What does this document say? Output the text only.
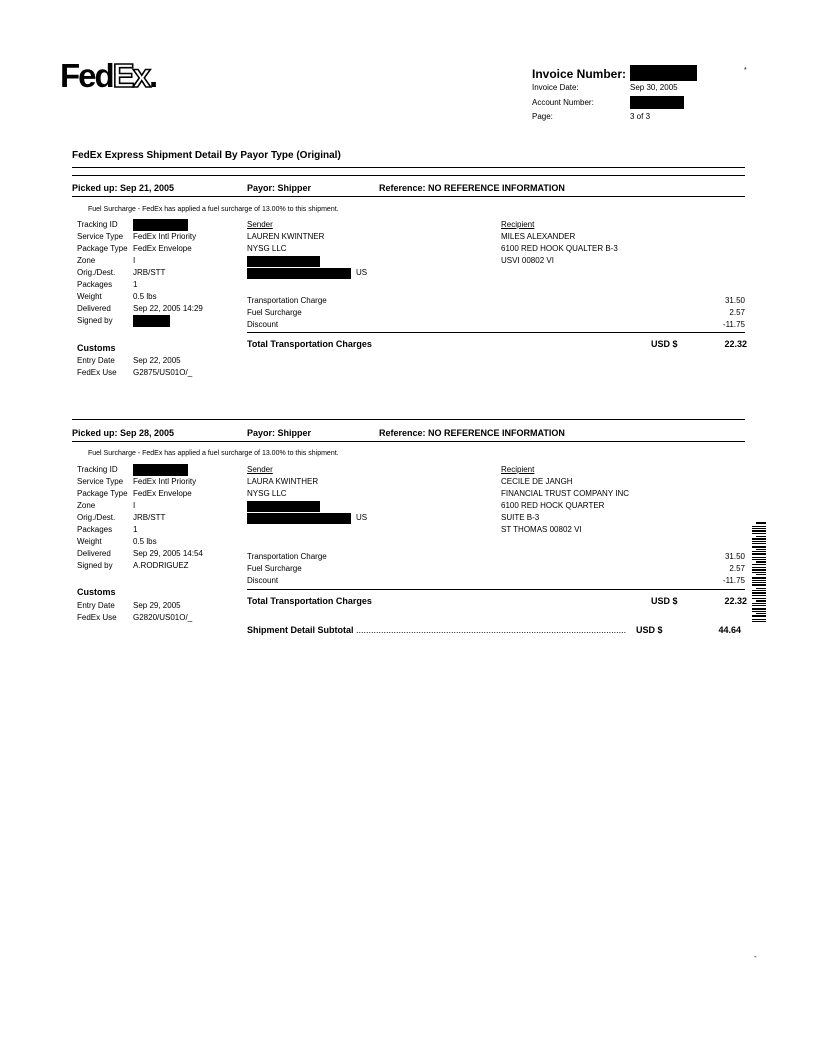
FedEx.	Invoice Number:	*
Invoice Date:	Sep 30, 2005
Account Number:
Page:	3 of 3
FedEx Express Shipment Detail By Payor Type (Original)
Picked up: Sep 21, 2005	Payor: Shipper	Reference: NO REFERENCE INFORMATION
Fuel Surcharge - FedEx has applied a fuel surcharge of 13.00% to this shipment.
Tracking ID
Service Type FedEx Intl Priority
Package Type FedEx Envelope
Zone	I
Orig./Dest. JRB/STT
Packages	1
Weight	0.5 lbs
Delivered	Sep 22, 2005 14:29
Signed by
Customs
Entry Date Sep 22, 2005
FedEx Use G2875/US01O/_
Sender
LAUREN KWINTNER
NYSG LLC
US
Recipient
MILES ALEXANDER
6100 RED HOOK QUALTER B-3
USVI 00802 VI
Transportation Charge	31.50
Fuel Surcharge	2.57
Discount	-11.75
Total Transportation Charges	USD $	22.32
Picked up: Sep 28, 2005	Payor: Shipper	Reference: NO REFERENCE INFORMATION
Fuel Surcharge - FedEx has applied a fuel surcharge of 13.00% to this shipment.
Tracking ID
Service Type FedEx Intl Priority
Package Type FedEx Envelope
Zone	I
Orig./Dest. JRB/STT
Packages	1
Weight	0.5 lbs
Delivered	Sep 29, 2005 14:54
Signed by	A.RODRIGUEZ
Customs
Entry Date Sep 29, 2005
FedEx Use G2820/US01O/_
Sender
LAURA KWINTHER
NYSG LLC
US
Recipient
CECILE DE JANGH
FINANCIAL TRUST COMPANY INC
6100 RED HOCK QUARTER
SUITE B-3
ST THOMAS 00802 VI
Transportation Charge	31.50
Fuel Surcharge	2.57
Discount	-11.75
Total Transportation Charges	USD $	22.32
Shipment Detail Subtotal ............................................................................................................	USD $	44.64
-
